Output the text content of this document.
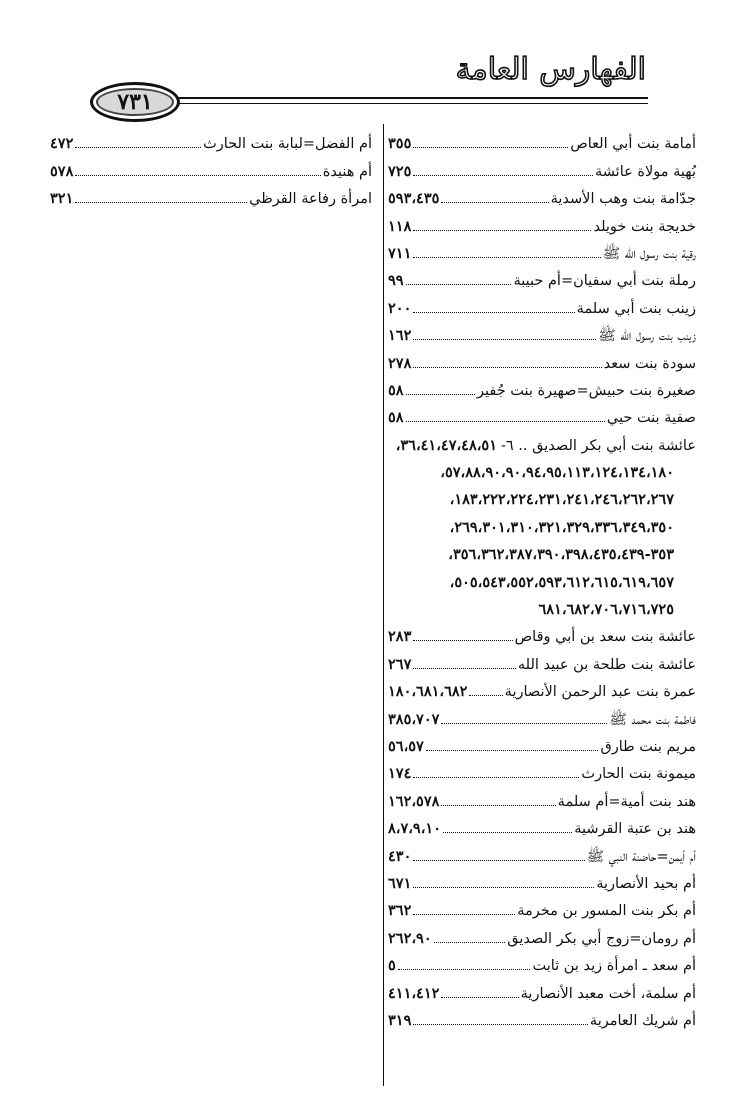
الفهارس العامة
٧٣١
أمامة بنت أبي العاص
٣٥٥
بُهية مولاة عائشة
٧٢٥
جدّامة بنت وهب الأسدية
٥٩٣،٤٣٥
خديجة بنت خويلد
١١٨
رقية بنت رسول الله ﷺ
٧١١
رملة بنت أبي سفيان=أم حبيبة
٩٩
زينب بنت أبي سلمة
٢٠٠
زينب بنت رسول الله ﷺ
١٦٢
سودة بنت سعد
٢٧٨
صغيرة بنت حبيش=صهيرة بنت جُفير
٥٨
صفية بنت حيي
٥٨
عائشة بنت أبي بكر الصديق .. ٦-
٣٦،٤١،٤٧،٤٨،٥١،
٥٧،٨٨،٩٠،٩٠،٩٤،٩٥،١١٣،١٢٤،١٣٤،١٨٠،
١٨٣،٢٢٢،٢٢٤،٢٣١،٢٤١،٢٤٦،٢٦٢،٢٦٧،
٢٦٩،٣٠١،٣١٠،٣٢١،٣٢٩،٣٣٦،٣٤٩،٣٥٠،
٣٥٣-٣٥٦،٣٦٢،٣٨٧،٣٩٠،٣٩٨،٤٣٥،٤٣٩،
٥٠٥،٥٤٣،٥٥٢،٥٩٣،٦١٢،٦١٥،٦١٩،٦٥٧،
٦٨١،٦٨٢،٧٠٦،٧١٦،٧٢٥
عائشة بنت سعد بن أبي وقاص
٢٨٣
عائشة بنت طلحة بن عبيد الله
٢٦٧
عمرة بنت عبد الرحمن الأنصارية
١٨٠،٦٨١،٦٨٢
فاطمة بنت محمد ﷺ
٣٨٥،٧٠٧
مريم بنت طارق
٥٦،٥٧
ميمونة بنت الحارث
١٧٤
هند بنت أمية=أم سلمة
١٦٢،٥٧٨
هند بن عتبة القرشية
٨،٧،٩،١٠
أم أيمن=حاضنة النبي ﷺ
٤٣٠
أم بحيد الأنصارية
٦٧١
أم بكر بنت المسور بن مخرمة
٣٦٢
أم رومان=زوج أبي بكر الصديق
٢٦٢،٩٠
أم سعد ـ امرأة زيد بن ثابت
٥
أم سلمة، أخت معبد الأنصارية
٤١١،٤١٢
أم شريك العامرية
٣١٩
أم الفضل=لبابة بنت الحارث
٤٧٢
أم هنيدة
٥٧٨
امرأة رفاعة القرظي
٣٢١
